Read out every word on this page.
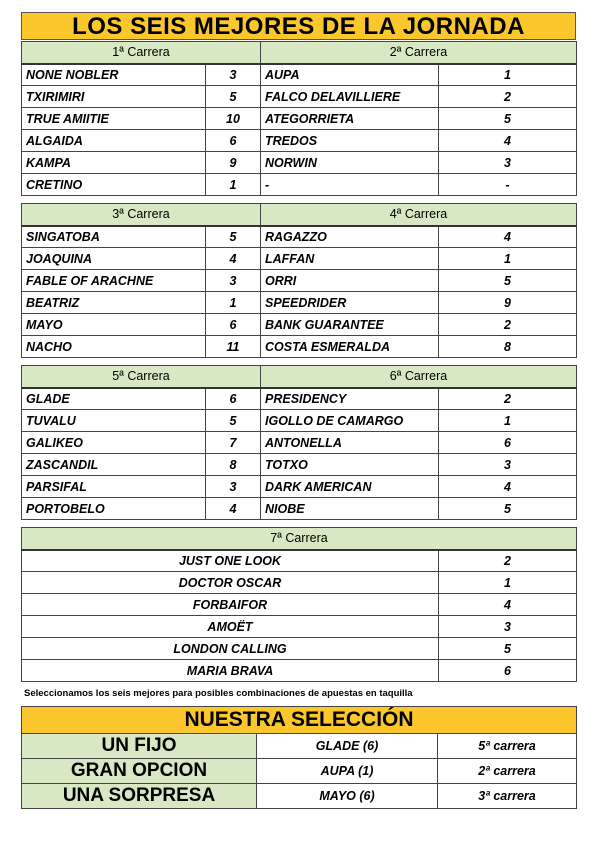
LOS SEIS MEJORES DE LA JORNADA
1ª Carrera		2ª Carrera	
NONE NOBLER	3	AUPA	1
TXIRIMIRI	5	FALCO DELAVILLIERE	2
TRUE AMIITIE	10	ATEGORRIETA	5
ALGAIDA	6	TREDOS	4
KAMPA	9	NORWIN	3
CRETINO	1	-	-
3ª Carrera		4ª Carrera	
SINGATOBA	5	RAGAZZO	4
JOAQUINA	4	LAFFAN	1
FABLE OF ARACHNE	3	ORRI	5
BEATRIZ	1	SPEEDRIDER	9
MAYO	6	BANK GUARANTEE	2
NACHO	11	COSTA ESMERALDA	8
5ª Carrera		6ª Carrera	
GLADE	6	PRESIDENCY	2
TUVALU	5	IGOLLO DE CAMARGO	1
GALIKEO	7	ANTONELLA	6
ZASCANDIL	8	TOTXO	3
PARSIFAL	3	DARK AMERICAN	4
PORTOBELO	4	NIOBE	5
7ª Carrera	
JUST ONE LOOK	2
DOCTOR OSCAR	1
FORBAIFOR	4
AMOËT	3
LONDON CALLING	5
MARIA BRAVA	6
Seleccionamos los seis mejores para posibles combinaciones de apuestas en taquilla
NUESTRA SELECCIÓN		
UN FIJO	GLADE (6)	5ª carrera
GRAN OPCION	AUPA (1)	2ª carrera
UNA SORPRESA	MAYO (6)	3ª carrera
